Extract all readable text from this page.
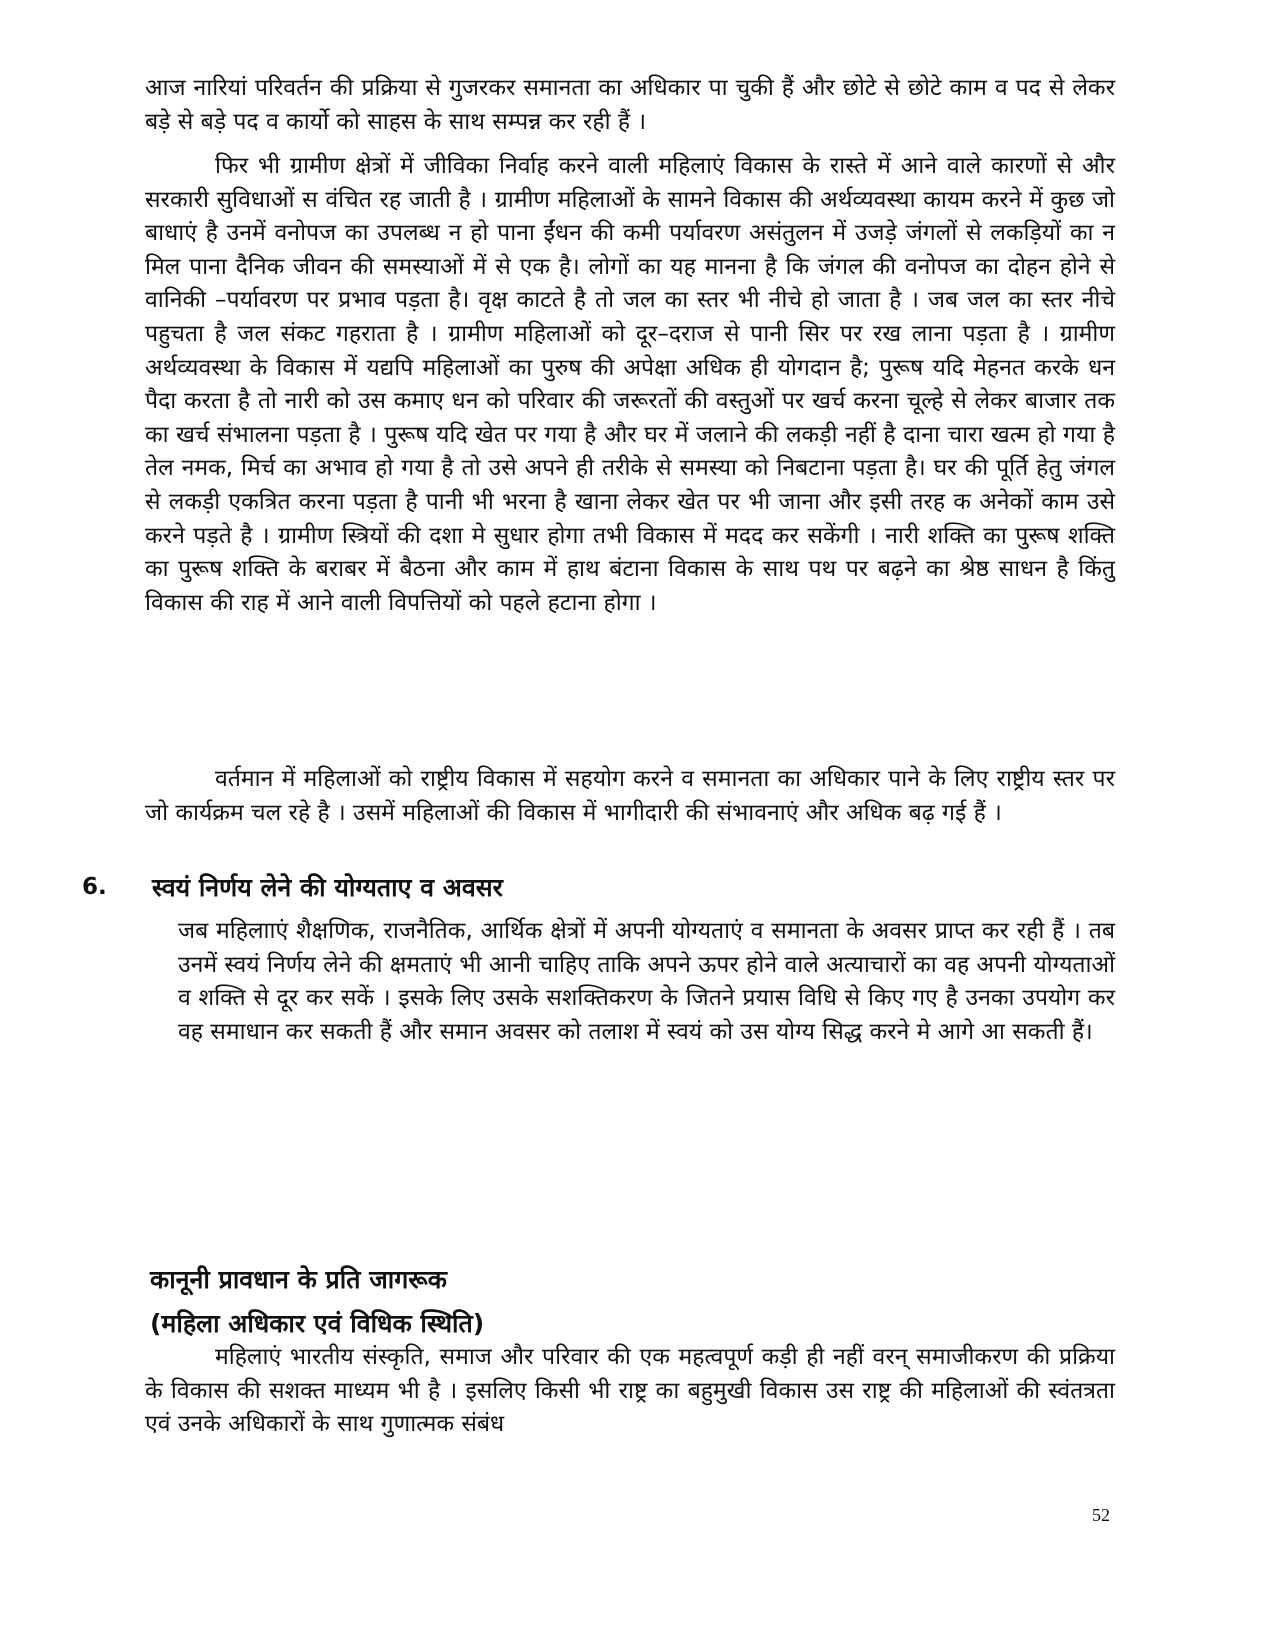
आज नारियां परिवर्तन की प्रक्रिया से गुजरकर समानता का अधिकार पा चुकी हैं और छोटे से छोटे काम व पद से लेकर बड़े से बड़े पद व कार्यो को साहस के साथ सम्पन्न कर रही हैं ।

फिर भी ग्रामीण क्षेत्रों में जीविका निर्वाह करने वाली महिलाएं विकास के रास्ते में आने वाले कारणों से और सरकारी सुविधाओं स वंचित रह जाती है । ग्रामीण महिलाओं के सामने विकास की अर्थव्यवस्था कायम करने में कुछ जो बाधाएं है उनमें वनोपज का उपलब्ध न हो पाना ईंधन की कमी पर्यावरण असंतुलन में उजड़े जंगलों से लकड़ियों का न मिल पाना दैनिक जीवन की समस्याओं में से एक है। लोगों का यह मानना है कि जंगल की वनोपज का दोहन होने से वानिकी –पर्यावरण पर प्रभाव पड़ता है। वृक्ष काटते है तो जल का स्तर भी नीचे हो जाता है । जब जल का स्तर नीचे पहुचता है जल संकट गहराता है । ग्रामीण महिलाओं को दूर–दराज से पानी सिर पर रख लाना पड़ता है । ग्रामीण अर्थव्यवस्था के विकास में यद्यपि महिलाओं का पुरुष की अपेक्षा अधिक ही योगदान है; पुरूष यदि मेहनत करके धन पैदा करता है तो नारी को उस कमाए धन को परिवार की जरूरतों की वस्तुओं पर खर्च करना चूल्हे से लेकर बाजार तक का खर्च संभालना पड़ता है । पुरूष यदि खेत पर गया है और घर में जलाने की लकड़ी नहीं है दाना चारा खत्म हो गया है तेल नमक, मिर्च का अभाव हो गया है तो उसे अपने ही तरीके से समस्या को निबटाना पड़ता है। घर की पूर्ति हेतु जंगल से लकड़ी एकत्रित करना पड़ता है पानी भी भरना है खाना लेकर खेत पर भी जाना और इसी तरह क अनेकों काम उसे करने पड़ते है । ग्रामीण स्त्रियों की दशा मे सुधार होगा तभी विकास में मदद कर सकेंगी । नारी शक्ति का पुरूष शक्ति का पुरूष शक्ति के बराबर में बैठना और काम में हाथ बंटाना विकास के साथ पथ पर बढ़ने का श्रेष्ठ साधन है किंतु विकास की राह में आने वाली विपत्तियों को पहले हटाना होगा ।

वर्तमान में महिलाओं को राष्ट्रीय विकास में सहयोग करने व समानता का अधिकार पाने के लिए राष्ट्रीय स्तर पर जो कार्यक्रम चल रहे है । उसमें महिलाओं की विकास में भागीदारी की संभावनाएं और अधिक बढ़ गई हैं ।

6. स्वयं निर्णय लेने की योग्यताए व अवसर

जब महिलााएं शैक्षणिक, राजनैतिक, आर्थिक क्षेत्रों में अपनी योग्यताएं व समानता के अवसर प्राप्त कर रही हैं । तब उनमें स्वयं निर्णय लेने की क्षमताएं भी आनी चाहिए ताकि अपने ऊपर होने वाले अत्याचारों का वह अपनी योग्यताओं व शक्ति से दूर कर सकें । इसके लिए उसके सशक्तिकरण के जितने प्रयास विधि से किए गए है उनका उपयोग कर वह समाधान कर सकती हैं और समान अवसर को तलाश में स्वयं को उस योग्य सिद्ध करने मे आगे आ सकती हैं।

कानूनी प्रावधान के प्रति जागरूक

(महिला अधिकार एवं विधिक स्थिति)

महिलाएं भारतीय संस्कृति, समाज और परिवार की एक महत्वपूर्ण कड़ी ही नहीं वरन् समाजीकरण की प्रक्रिया के विकास की सशक्त माध्यम भी है । इसलिए किसी भी राष्ट्र का बहुमुखी विकास उस राष्ट्र की महिलाओं की स्वंतत्रता एवं उनके अधिकारों के साथ गुणात्मक संबंध

52
